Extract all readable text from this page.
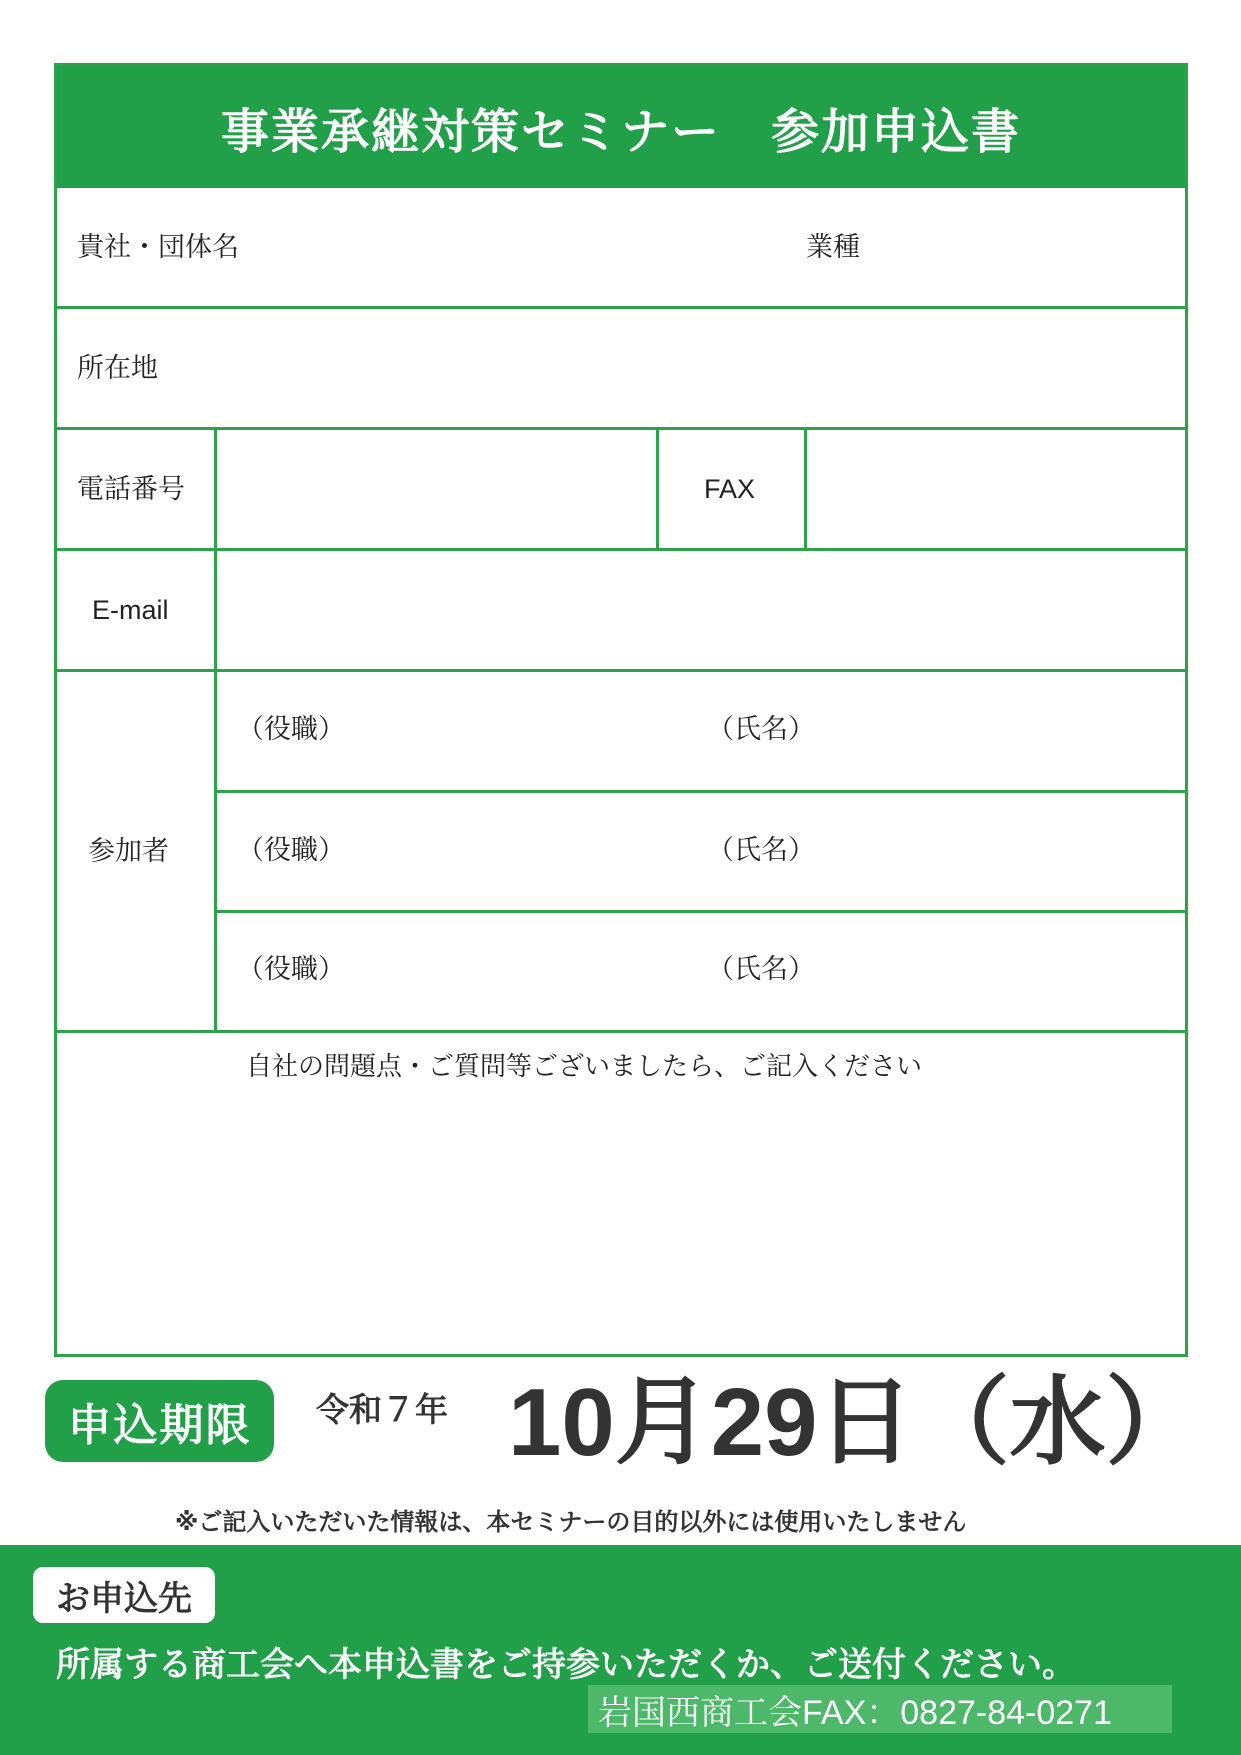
事業承継対策セミナー　参加申込書
貴社・団体名	業種
所在地
電話番号	FAX
E-mail
参加者
（役職）	（氏名）
（役職）	（氏名）
（役職）	（氏名）
自社の問題点・ご質問等ございましたら、ご記入ください
申込期限 令和７年 10月29日（水）
※ご記入いただいた情報は、本セミナーの目的以外には使用いたしません
お申込先
所属する商工会へ本申込書をご持参いただくか、ご送付ください。
岩国西商工会FAX：0827-84-0271
